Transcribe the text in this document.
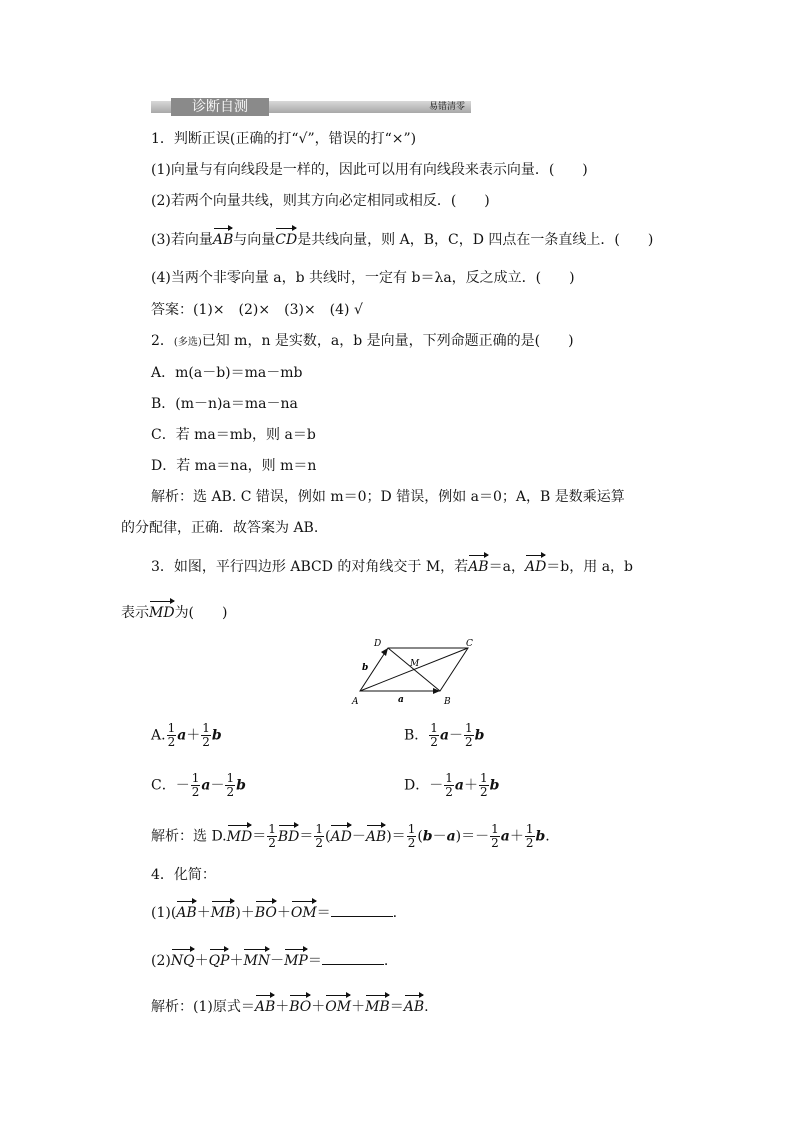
诊断自测	易错清零
1．判断正误(正确的打“√”，错误的打“×”)
(1)向量与有向线段是一样的，因此可以用有向线段来表示向量．(　　)
(2)若两个向量共线，则其方向必定相同或相反．(　　)
(3)若向量AB与向量CD是共线向量，则 A，B，C，D 四点在一条直线上．(　　)
(4)当两个非零向量 a，b 共线时，一定有 b＝λa，反之成立．(　　)
答案：(1)×　(2)×　(3)×　(4) √
2．(多选)已知 m，n 是实数，a，b 是向量，下列命题正确的是(　　)
A．m(a－b)＝ma－mb
B．(m－n)a＝ma－na
C．若 ma＝mb，则 a＝b
D．若 ma＝na，则 m＝n
解析：选 AB. C 错误，例如 m＝0；D 错误，例如 a＝0；A，B 是数乘运算
的分配律，正确．故答案为 AB.
3．如图，平行四边形 ABCD 的对角线交于 M，若AB＝a，AD＝b，用 a，b
表示MD为(　　)
A	B
C
D
M
a
b
A. $\frac{1}{2} a+ \frac{1}{2}$ b	B． $\frac{1}{2} a- \frac{1}{2}$ b
C．－ $\frac{1}{2} a- \frac{1}{2}$ b	D．－ $\frac{1}{2} a+ \frac{1}{2}$ b
解析：选 $D.MD= \frac{1}{2} BD= \frac{1}{2} (AD-AB)= \frac{1}{2} (b-a)=- \frac{1}{2} a+ \frac{1}{2} b$.
4．化简：
(1)(AB＋MB)＋BO＋OM＝	.
(2)NQ＋QP＋MN－MP＝	.
解析：(1)原式＝AB＋BO＋OM＋MB＝AB.
